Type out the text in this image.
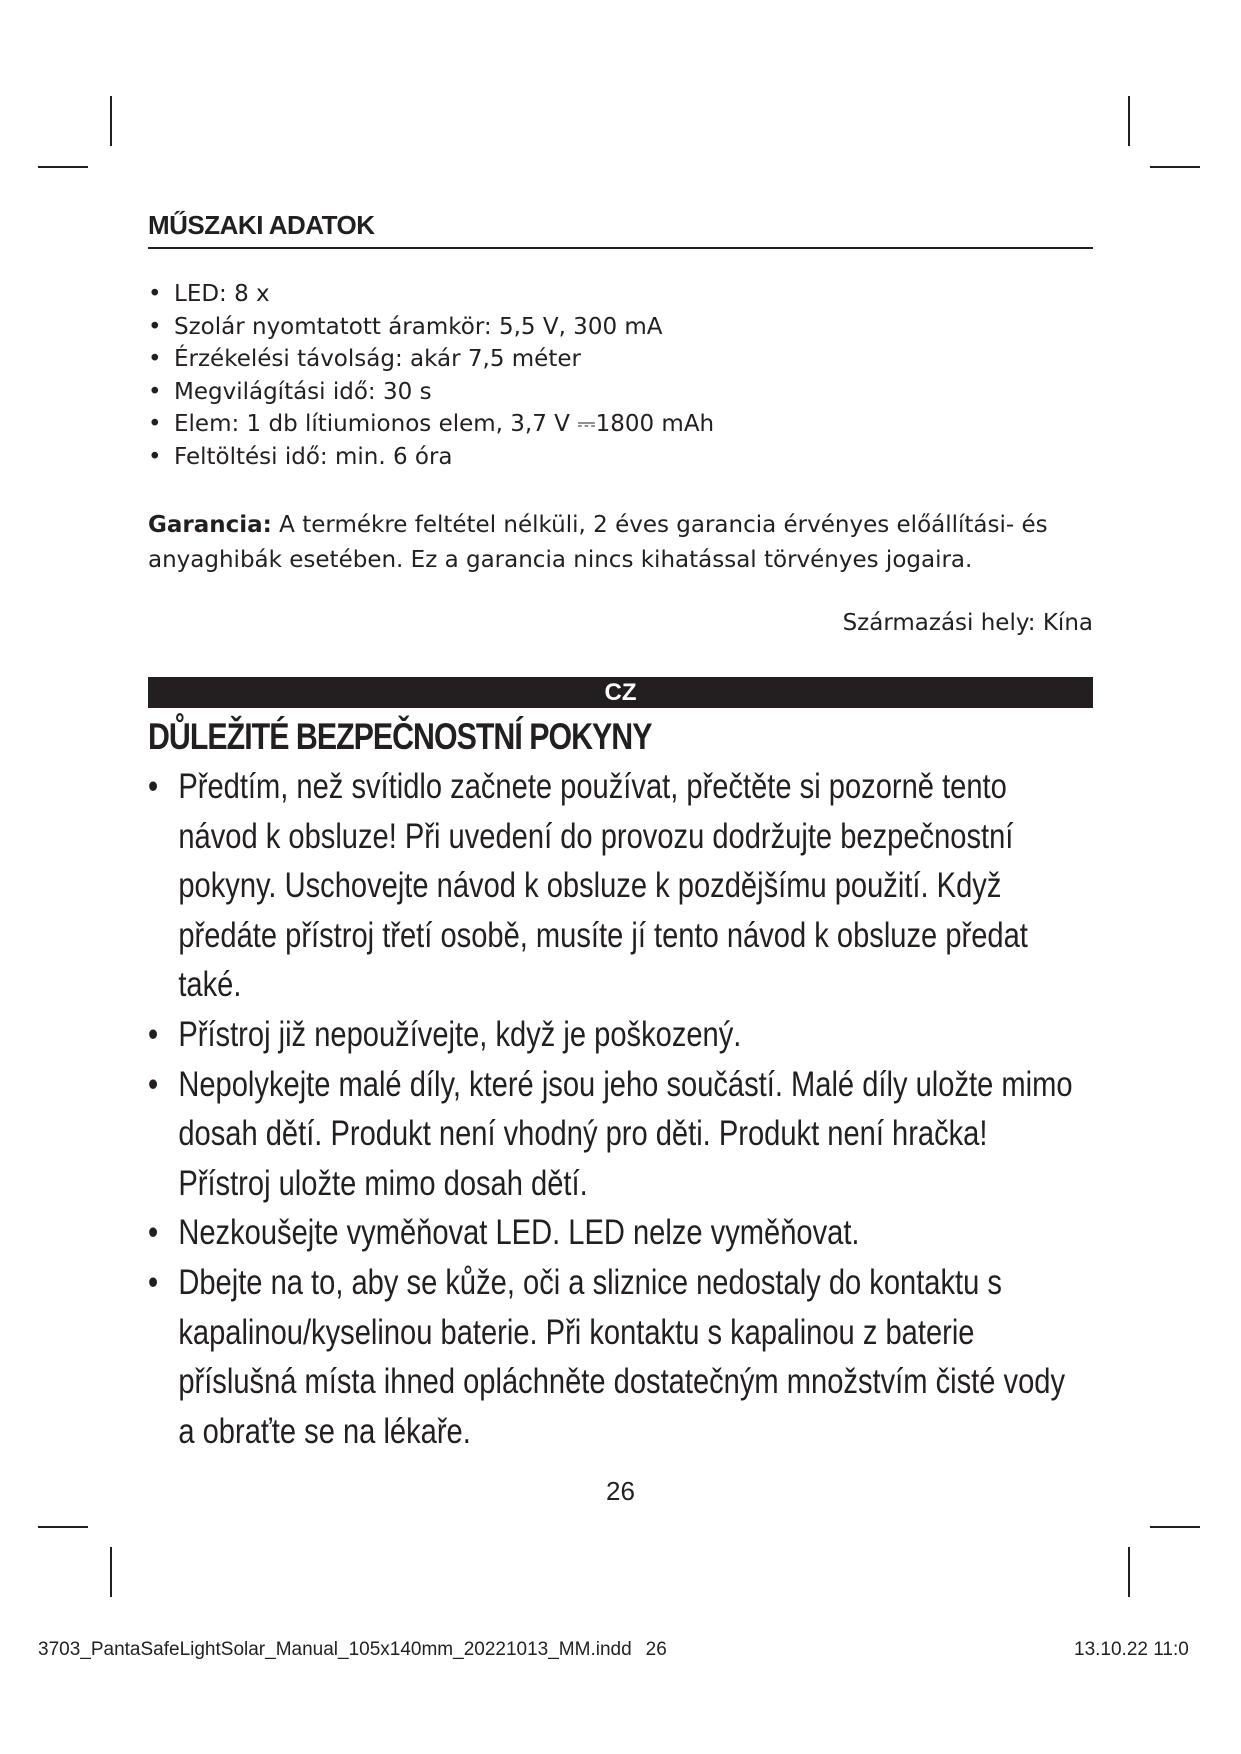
MŰSZAKI ADATOK
• LED: 8 x
• Szolár nyomtatott áramkör: 5,5 V, 300 mA
• Érzékelési távolság: akár 7,5 méter
• Megvilágítási idő: 30 s
• Elem: 1 db lítiumionos elem, 3,7 V ⎓1800 mAh
• Feltöltési idő: min. 6 óra

Garancia: A termékre feltétel nélküli, 2 éves garancia érvényes előállítási- és anyaghibák esetében. Ez a garancia nincs kihatással törvényes jogaira.

Származási hely: Kína
CZ
DŮLEŽITÉ BEZPEČNOSTNÍ POKYNY
• Předtím, než svítidlo začnete používat, přečtěte si pozorně tento návod k obsluze! Při uvedení do provozu dodržujte bezpečnostní pokyny. Uschovejte návod k obsluze k pozdějšímu použití. Když předáte přístroj třetí osobě, musíte jí tento návod k obsluze předat také.
• Přístroj již nepoužívejte, když je poškozený.
• Nepolykejte malé díly, které jsou jeho součástí. Malé díly uložte mimo dosah dětí. Produkt není vhodný pro děti. Produkt není hračka! Přístroj uložte mimo dosah dětí.
• Nezkoušejte vyměňovat LED. LED nelze vyměňovat.
• Dbejte na to, aby se kůže, oči a sliznice nedostaly do kontaktu s kapalinou/kyselinou baterie. Při kontaktu s kapalinou z baterie příslušná místa ihned opláchněte dostatečným množstvím čisté vody a obraťte se na lékaře.
26
3703_PantaSafeLightSolar_Manual_105x140mm_20221013_MM.indd 26	13.10.22 11:0
